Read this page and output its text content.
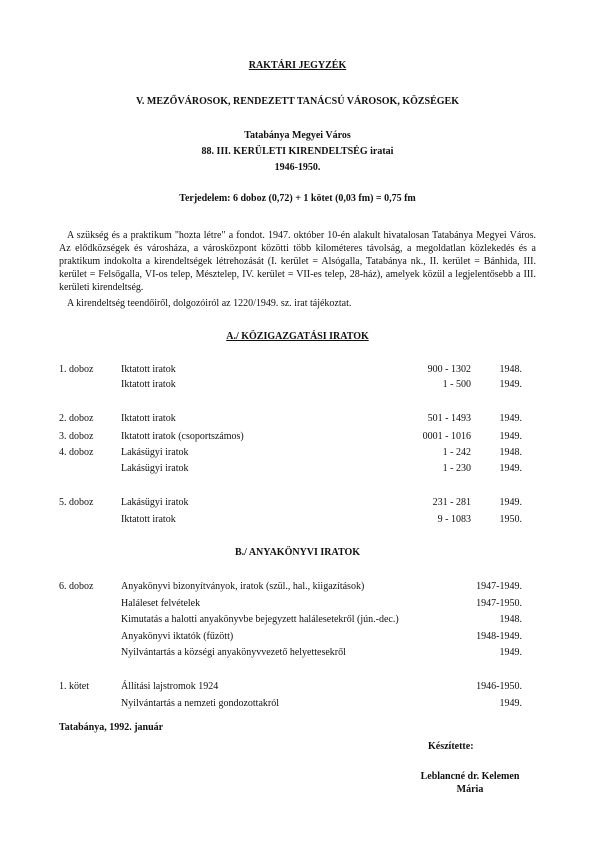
RAKTÁRI JEGYZÉK
V. MEZŐVÁROSOK, RENDEZETT TANÁCSÚ VÁROSOK, KÖZSÉGEK
Tatabánya Megyei Város
88. III. KERÜLETI KIRENDELTSÉG iratai
1946-1950.
Terjedelem: 6 doboz (0,72) + 1 kötet (0,03 fm) = 0,75 fm
A szükség és a praktikum "hozta létre" a fondot. 1947. október 10-én alakult hivatalosan Tatabánya Megyei Város. Az elődközségek és városháza, a városközpont közötti több kilométeres távolság, a megoldatlan közlekedés és a praktikum indokolta a kirendeltségek létrehozását (I. kerület = Alsógalla, Tatabánya nk., II. kerület = Bánhida, III. kerület = Felsőgalla, VI-os telep, Mésztelep, IV. kerület = VII-es telep, 28-ház), amelyek közül a legjelentősebb a III. kerületi kirendeltség.
A kirendeltség teendőiről, dolgozóiról az 1220/1949. sz. irat tájékoztat.
A./ KÖZIGAZGATÁSI IRATOK
1. doboz	Iktatott iratok	900 - 1302	1948.
Iktatott iratok	1 - 500	1949.
2. doboz	Iktatott iratok	501 - 1493	1949.
3. doboz	Iktatott iratok (csoportszámos)	0001 - 1016	1949.
4. doboz	Lakásügyi iratok	1 - 242	1948.
Lakásügyi iratok	1 - 230	1949.
5. doboz	Lakásügyi iratok	231 - 281	1949.
Iktatott iratok	9 - 1083	1950.
B./ ANYAKÖNYVI IRATOK
6. doboz	Anyakönyvi bizonyítványok, iratok (szül., hal., kiigazítások)	1947-1949.
Haláleset felvételek	1947-1950.
Kimutatás a halotti anyakönyvbe bejegyzett halálesetekről (jún.-dec.)	1948.
Anyakönyvi iktatók (fűzött)	1948-1949.
Nyilvántartás a községi anyakönyvvezető helyettesekről	1949.
1. kötet	Állítási lajstromok 1924	1946-1950.
Nyilvántartás a nemzeti gondozottakról	1949.
Tatabánya, 1992. január
Készítette:
Leblancné dr. Kelemen
Mária
